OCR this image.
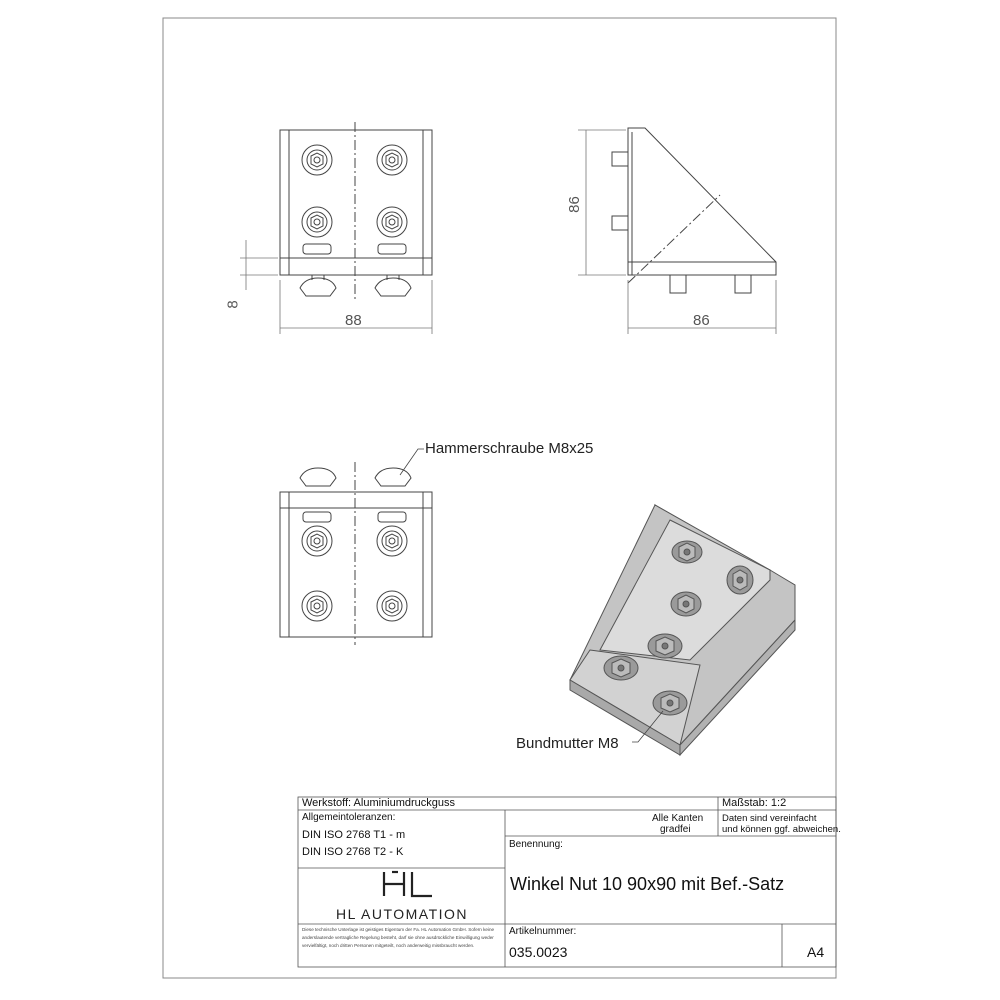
88
8
86
86
Hammerschraube M8x25
Bundmutter M8
Werkstoff: Aluminiumdruckguss	Maßstab: 1:2
Allgemeintoleranzen:
DIN ISO 2768 T1 - m
DIN ISO 2768 T2 - K
Alle Kanten
gradfei
Daten sind vereinfacht
und können ggf. abweichen.
Benennung:
Winkel Nut 10 90x90 mit Bef.-Satz
HL AUTOMATION
Diese technische Unterlage ist geistiges Eigentum der Fa. HL Automation GmbH. Sofern keine anderslautende vertragliche Regelung besteht, darf sie ohne ausdrückliche Einwilligung weder vervielfältigt, noch dritten Personen mitgeteilt, noch anderweitig missbraucht werden.
Artikelnummer:
035.0023	A4
